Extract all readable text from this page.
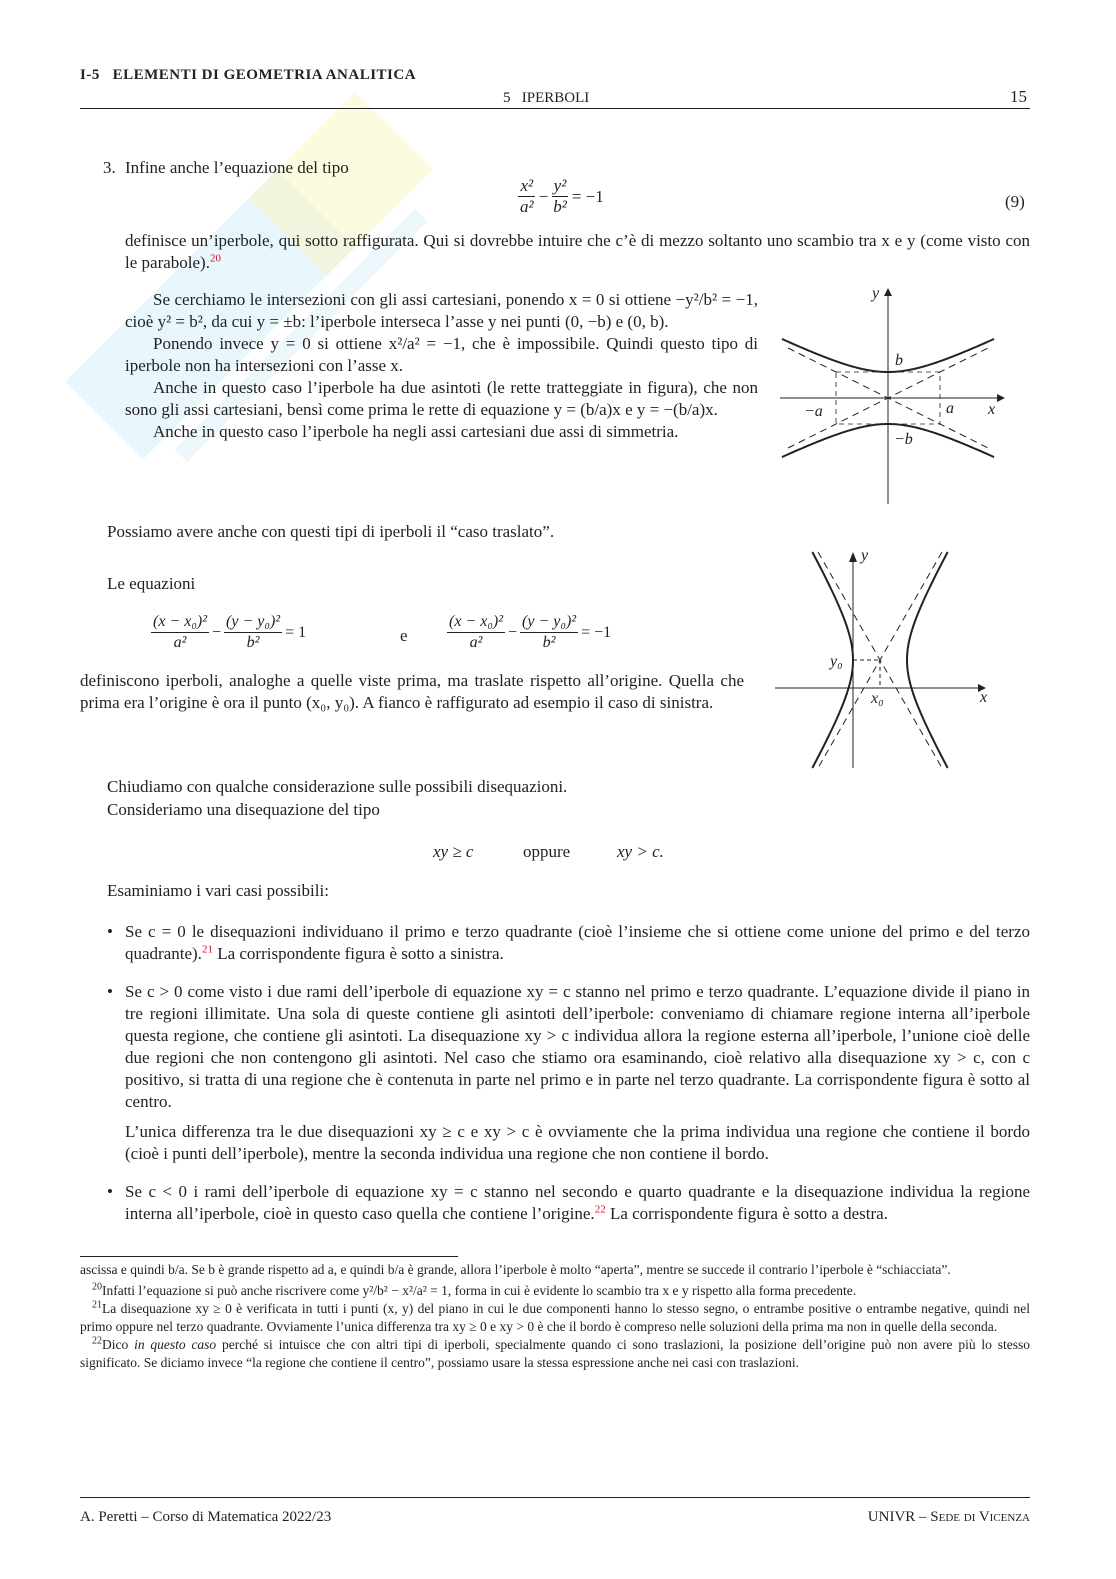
I-5   ELEMENTI DI GEOMETRIA ANALITICA
5   IPERBOLI	15
3. Infine anche l’equazione del tipo
$\frac{\text{x²}}{\text{a²}} - \frac{\text{y²}}{\text{b²}} = -1$	(9)
definisce un’iperbole, qui sotto raffigurata. Qui si dovrebbe intuire che c’è di mezzo soltanto uno scambio tra x e y (come visto con le parabole).$^{20}$
Se cerchiamo le intersezioni con gli assi cartesiani, ponendo x = 0 si ottiene −y²/b² = −1, cioè y² = b², da cui y = ±b: l’iperbole interseca l’asse y nei punti (0, −b) e (0, b).
Ponendo invece y = 0 si ottiene x²/a² = −1, che è impossibile. Quindi questo tipo di iperbole non ha intersezioni con l’asse x.
Anche in questo caso l’iperbole ha due asintoti (le rette tratteggiate in figura), che non sono gli assi cartesiani, bensì come prima le rette di equazione y = (b/a)x e y = −(b/a)x.
Anche in questo caso l’iperbole ha negli assi cartesiani due assi di simmetria.
y
x
b
a
−a
−b
Possiamo avere anche con questi tipi di iperboli il “caso traslato”.
Le equazioni
$\frac{\text{(x − x₀)²}}{\text{a²}} - \frac{\text{(y − y₀)²}}{\text{b²}} = 1$	e $\frac{\text{(x − x₀)²}}{\text{a²}} - \frac{\text{(y − y₀)²}}{\text{b²}} = -1$
definiscono iperboli, analoghe a quelle viste prima, ma traslate rispetto all’origine. Quella che prima era l’origine è ora il punto (x₀, y₀). A fianco è raffigurato ad esempio il caso di sinistra.
y
x
y₀
x₀
Chiudiamo con qualche considerazione sulle possibili disequazioni.
Consideriamo una disequazione del tipo
xy ≥ c	oppure	xy > c.
Esaminiamo i vari casi possibili:
• Se c = 0 le disequazioni individuano il primo e terzo quadrante (cioè l’insieme che si ottiene come unione del primo e del terzo quadrante).$^{21}$ La corrispondente figura è sotto a sinistra.
• Se c > 0 come visto i due rami dell’iperbole di equazione xy = c stanno nel primo e terzo quadrante. L’equazione divide il piano in tre regioni illimitate. Una sola di queste contiene gli asintoti dell’iperbole: conveniamo di chiamare regione interna all’iperbole questa regione, che contiene gli asintoti. La disequazione xy > c individua allora la regione esterna all’iperbole, l’unione cioè delle due regioni che non contengono gli asintoti. Nel caso che stiamo ora esaminando, cioè relativo alla disequazione xy > c, con c positivo, si tratta di una regione che è contenuta in parte nel primo e in parte nel terzo quadrante. La corrispondente figura è sotto al centro.
L’unica differenza tra le due disequazioni xy ≥ c e xy > c è ovviamente che la prima individua una regione che contiene il bordo (cioè i punti dell’iperbole), mentre la seconda individua una regione che non contiene il bordo.
• Se c < 0 i rami dell’iperbole di equazione xy = c stanno nel secondo e quarto quadrante e la disequazione individua la regione interna all’iperbole, cioè in questo caso quella che contiene l’origine.$^{22}$ La corrispondente figura è sotto a destra.
ascissa e quindi b/a. Se b è grande rispetto ad a, e quindi b/a è grande, allora l’iperbole è molto “aperta”, mentre se succede il contrario l’iperbole è “schiacciata”.
$^{20}$Infatti l’equazione si può anche riscrivere come y²/b² − x²/a² = 1, forma in cui è evidente lo scambio tra x e y rispetto alla forma precedente.
$^{21}$La disequazione xy ≥ 0 è verificata in tutti i punti (x, y) del piano in cui le due componenti hanno lo stesso segno, o entrambe positive o entrambe negative, quindi nel primo oppure nel terzo quadrante. Ovviamente l’unica differenza tra xy ≥ 0 e xy > 0 è che il bordo è compreso nelle soluzioni della prima ma non in quelle della seconda.
$^{22}$Dico in questo caso perché si intuisce che con altri tipi di iperboli, specialmente quando ci sono traslazioni, la posizione dell’origine può non avere più lo stesso significato. Se diciamo invece “la regione che contiene il centro”, possiamo usare la stessa espressione anche nei casi con traslazioni.
A. Peretti – Corso di Matematica 2022/23	UNIVR – Sede di Vicenza
